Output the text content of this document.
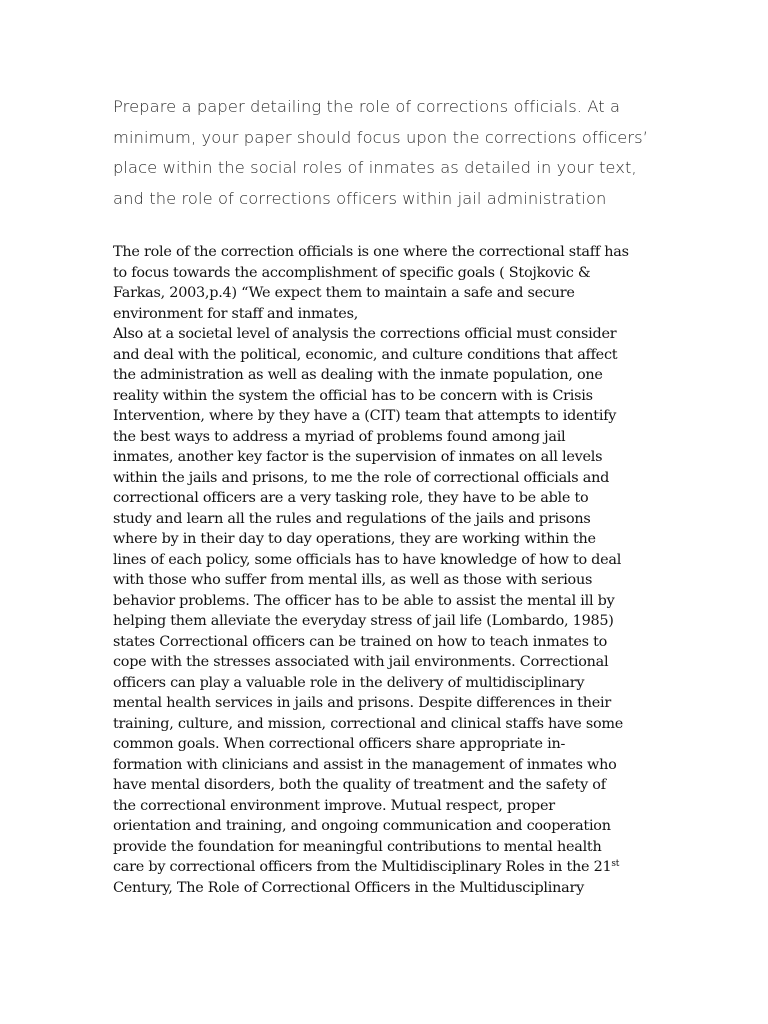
Prepare a paper detailing the role of corrections officials. At a
minimum, your paper should focus upon the corrections officers’
place within the social roles of inmates as detailed in your text,
and the role of corrections officers within jail administration
The role of the correction officials is one where the correctional staff has
to focus towards the accomplishment of specific goals ( Stojkovic &
Farkas, 2003,p.4) “We expect them to maintain a safe and secure
environment for staff and inmates,
Also at a societal level of analysis the corrections official must consider
and deal with the political, economic, and culture conditions that affect
the administration as well as dealing with the inmate population, one
reality within the system the official has to be concern with is Crisis
Intervention, where by they have a (CIT) team that attempts to identify
the best ways to address a myriad of problems found among jail
inmates, another key factor is the supervision of inmates on all levels
within the jails and prisons, to me the role of correctional officials and
correctional officers are a very tasking role, they have to be able to
study and learn all the rules and regulations of the jails and prisons
where by in their day to day operations, they are working within the
lines of each policy, some officials has to have knowledge of how to deal
with those who suffer from mental ills, as well as those with serious
behavior problems. The officer has to be able to assist the mental ill by
helping them alleviate the everyday stress of jail life (Lombardo, 1985)
states Correctional officers can be trained on how to teach inmates to
cope with the stresses associated with jail environments. Correctional
officers can play a valuable role in the delivery of multidisciplinary
mental health services in jails and prisons. Despite differences in their
training, culture, and mission, correctional and clinical staffs have some
common goals. When correctional officers share appropriate in-
formation with clinicians and assist in the management of inmates who
have mental disorders, both the quality of treatment and the safety of
the correctional environment improve. Mutual respect, proper
orientation and training, and ongoing communication and cooperation
provide the foundation for meaningful contributions to mental health
care by correctional officers from the Multidisciplinary Roles in the 21st
Century, The Role of Correctional Officers in the Multidusciplinary
